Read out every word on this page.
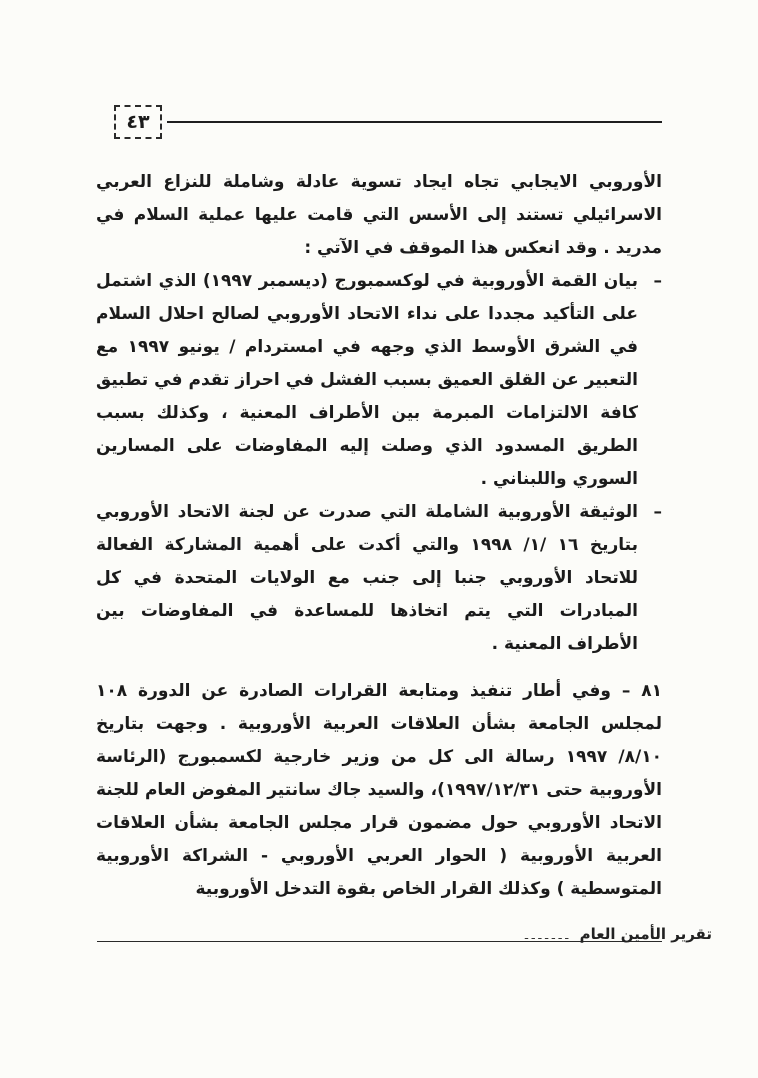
٤٣

الأوروبي الايجابي تجاه ايجاد تسوية عادلة وشاملة للنزاع العربي الاسرائيلي تستند إلى الأسس التي قامت عليها عملية السلام في مدريد . وقد انعكس هذا الموقف في الآتي :

–
بيان القمة الأوروبية في لوكسمبورج (ديسمبر ١٩٩٧) الذي اشتمل على التأكيد مجددا على نداء الاتحاد الأوروبي لصالح احلال السلام في الشرق الأوسط الذي وجهه في امستردام / يونيو ١٩٩٧ مع التعبير عن القلق العميق بسبب الفشل في احراز تقدم في تطبيق كافة الالتزامات المبرمة بين الأطراف المعنية ، وكذلك بسبب الطريق المسدود الذي وصلت إليه المفاوضات على المسارين السوري واللبناني .
–
الوثيقة الأوروبية الشاملة التي صدرت عن لجنة الاتحاد الأوروبي بتاريخ ١٦ /١/ ١٩٩٨ والتي أكدت على أهمية المشاركة الفعالة للاتحاد الأوروبي جنبا إلى جنب مع الولايات المتحدة في كل المبادرات التي يتم اتخاذها للمساعدة في المفاوضات بين الأطراف المعنية .
٨١ – وفي أطار تنفيذ ومتابعة القرارات الصادرة عن الدورة ١٠٨ لمجلس الجامعة بشأن العلاقات العربية الأوروبية . وجهت بتاريخ ٨/١٠/ ١٩٩٧ رسالة الى كل من وزير خارجية لكسمبورج (الرئاسة الأوروبية حتى ١٩٩٧/١٢/٣١)، والسيد جاك سانتير المفوض العام للجنة الاتحاد الأوروبي حول مضمون قرار مجلس الجامعة بشأن العلاقات العربية الأوروبية ( الحوار العربي الأوروبي - الشراكة الأوروبية المتوسطية ) وكذلك القرار الخاص بقوة التدخل الأوروبية
تقرير الأمين العام ـ ـ ـ ـ ـ ـ ـ
